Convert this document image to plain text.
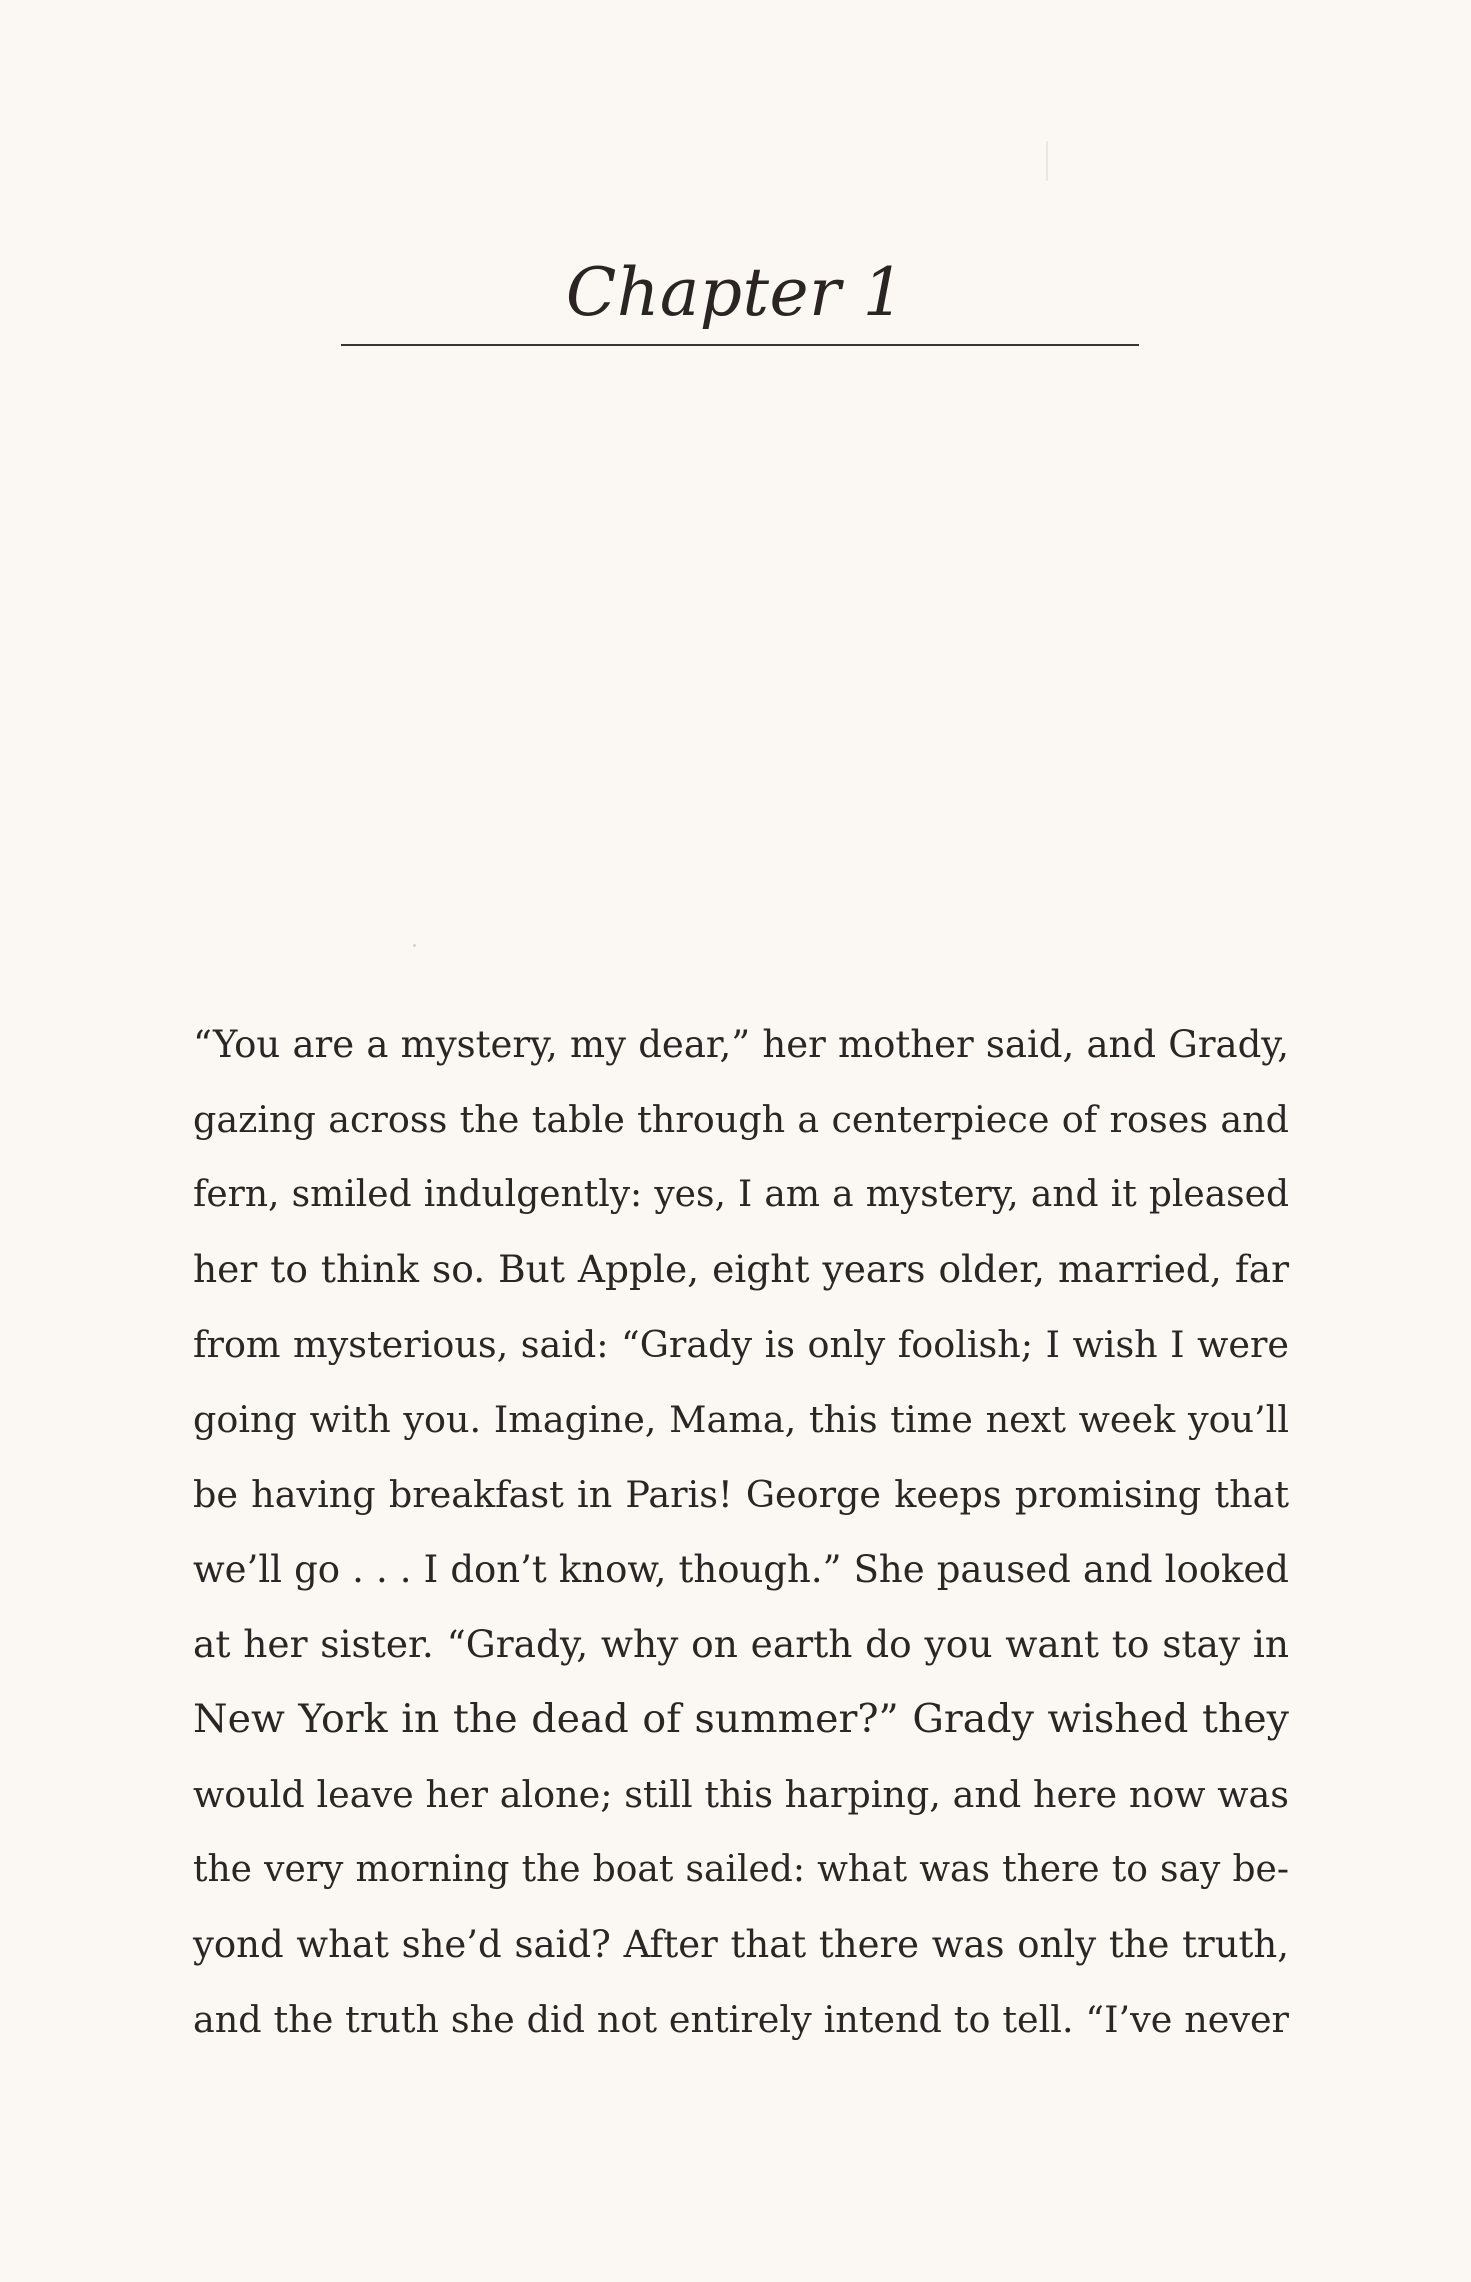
Chapter 1
“You are a mystery, my dear,” her mother said, and Grady,
gazing across the table through a centerpiece of roses and
fern, smiled indulgently: yes, I am a mystery, and it pleased
her to think so. But Apple, eight years older, married, far
from mysterious, said: “Grady is only foolish; I wish I were
going with you. Imagine, Mama, this time next week you’ll
be having breakfast in Paris! George keeps promising that
we’ll go . . . I don’t know, though.” She paused and looked
at her sister. “Grady, why on earth do you want to stay in
New York in the dead of summer?” Grady wished they
would leave her alone; still this harping, and here now was
the very morning the boat sailed: what was there to say be-
yond what she’d said? After that there was only the truth,
and the truth she did not entirely intend to tell. “I’ve never
